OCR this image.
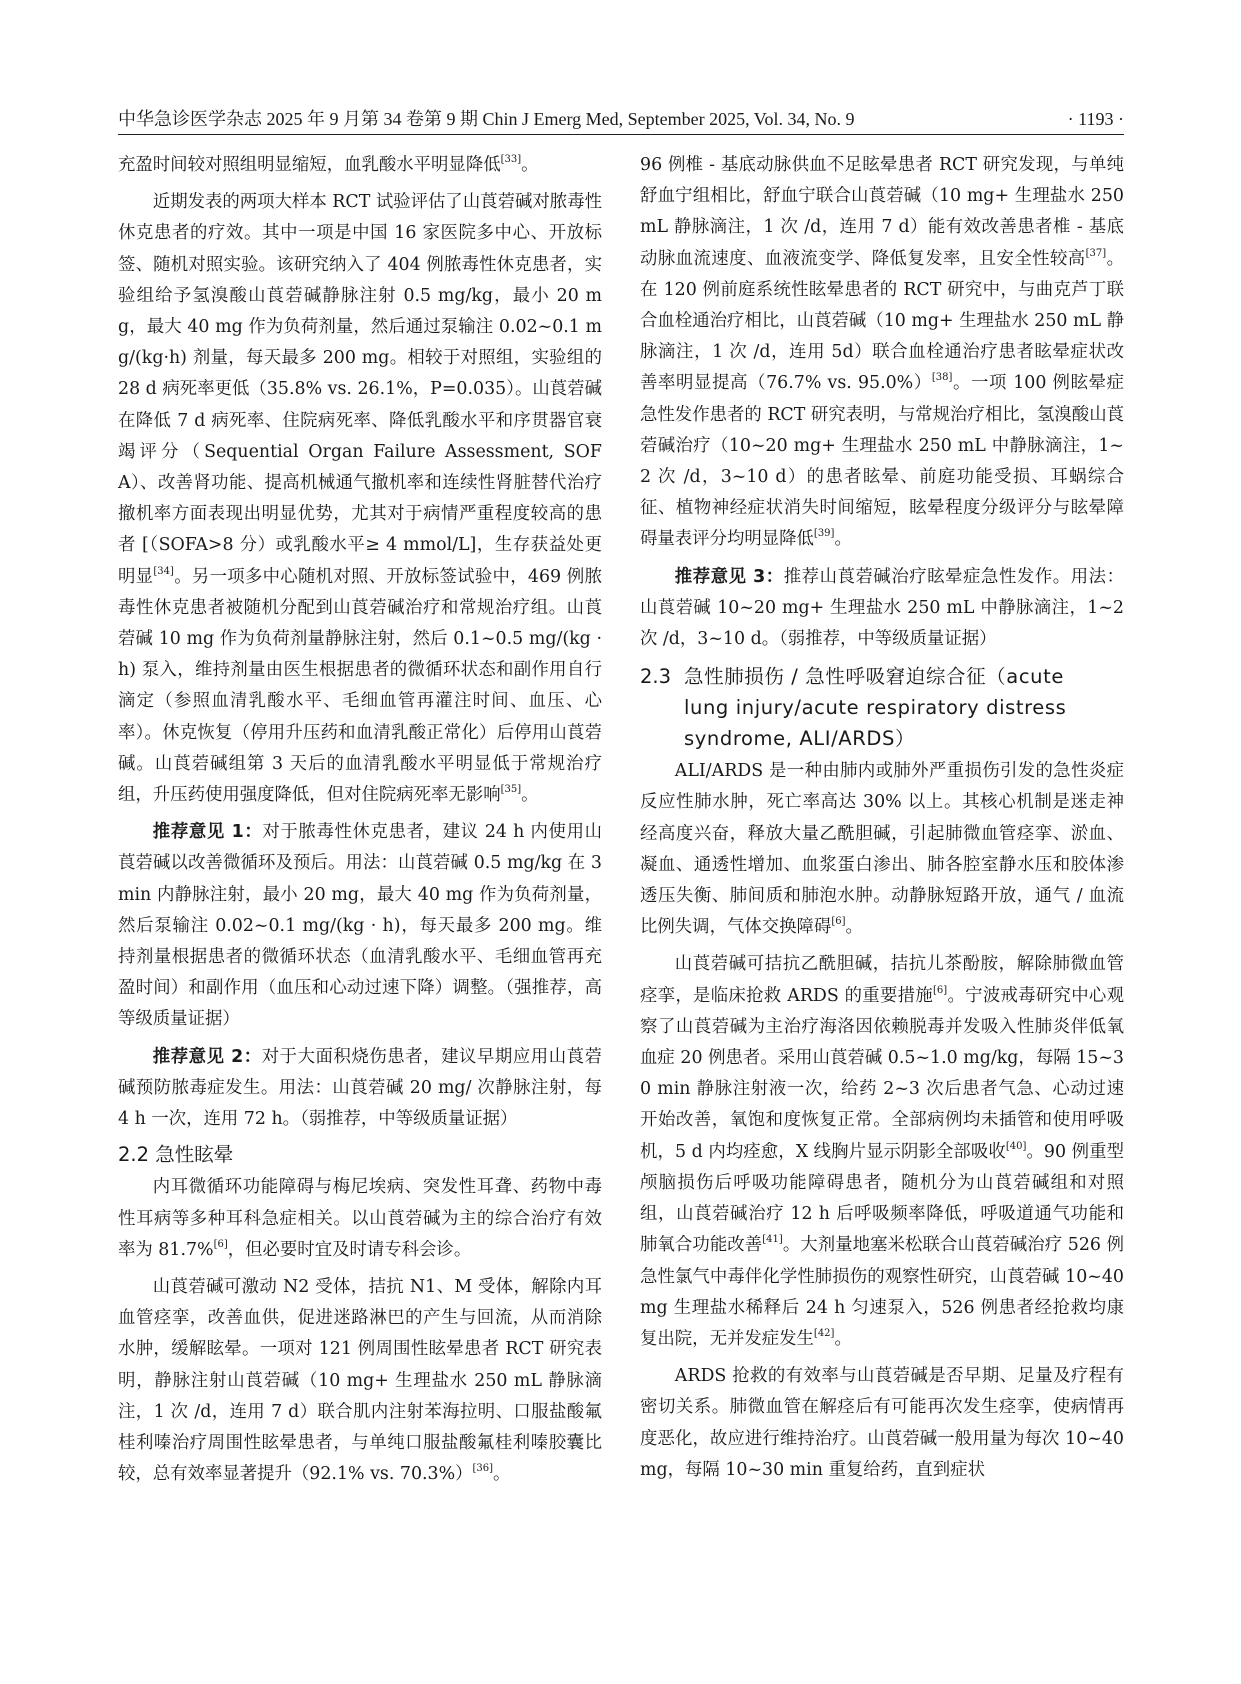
中华急诊医学杂志 2025 年 9 月第 34 卷第 9 期 Chin J Emerg Med, September 2025, Vol. 34, No. 9	· 1193 ·

充盈时间较对照组明显缩短，血乳酸水平明显降低[33]。

近期发表的两项大样本 RCT 试验评估了山莨菪碱对脓毒性休克患者的疗效。其中一项是中国 16 家医院多中心、开放标签、随机对照实验。该研究纳入了 404 例脓毒性休克患者，实验组给予氢溴酸山莨菪碱静脉注射 0.5 mg/kg，最小 20 mg，最大 40 mg 作为负荷剂量，然后通过泵输注 0.02~0.1 mg/(kg·h) 剂量，每天最多 200 mg。相较于对照组，实验组的 28 d 病死率更低（35.8% vs. 26.1%，P=0.035）。山莨菪碱在降低 7 d 病死率、住院病死率、降低乳酸水平和序贯器官衰竭评分（Sequential Organ Failure Assessment, SOFA）、改善肾功能、提高机械通气撤机率和连续性肾脏替代治疗撤机率方面表现出明显优势，尤其对于病情严重程度较高的患者 [（SOFA>8 分）或乳酸水平≥ 4 mmol/L]，生存获益处更明显[34]。另一项多中心随机对照、开放标签试验中，469 例脓毒性休克患者被随机分配到山莨菪碱治疗和常规治疗组。山莨菪碱 10 mg 作为负荷剂量静脉注射，然后 0.1~0.5 mg/(kg · h) 泵入，维持剂量由医生根据患者的微循环状态和副作用自行滴定（参照血清乳酸水平、毛细血管再灌注时间、血压、心率）。休克恢复（停用升压药和血清乳酸正常化）后停用山莨菪碱。山莨菪碱组第 3 天后的血清乳酸水平明显低于常规治疗组，升压药使用强度降低，但对住院病死率无影响[35]。

推荐意见 1：对于脓毒性休克患者，建议 24 h 内使用山莨菪碱以改善微循环及预后。用法：山莨菪碱 0.5 mg/kg 在 3 min 内静脉注射，最小 20 mg，最大 40 mg 作为负荷剂量，然后泵输注 0.02~0.1 mg/(kg · h)，每天最多 200 mg。维持剂量根据患者的微循环状态（血清乳酸水平、毛细血管再充盈时间）和副作用（血压和心动过速下降）调整。（强推荐，高等级质量证据）

推荐意见 2：对于大面积烧伤患者，建议早期应用山莨菪碱预防脓毒症发生。用法：山莨菪碱 20 mg/ 次静脉注射，每 4 h 一次，连用 72 h。（弱推荐，中等级质量证据）

2.2 急性眩晕

内耳微循环功能障碍与梅尼埃病、突发性耳聋、药物中毒性耳病等多种耳科急症相关。以山莨菪碱为主的综合治疗有效率为 81.7%[6]，但必要时宜及时请专科会诊。

山莨菪碱可激动 N2 受体，拮抗 N1、M 受体，解除内耳血管痉挛，改善血供，促进迷路淋巴的产生与回流，从而消除水肿，缓解眩晕。一项对 121 例周围性眩晕患者 RCT 研究表明，静脉注射山莨菪碱（10 mg+ 生理盐水 250 mL 静脉滴注，1 次 /d，连用 7 d）联合肌内注射苯海拉明、口服盐酸氟桂利嗪治疗周围性眩晕患者，与单纯口服盐酸氟桂利嗪胶囊比较，总有效率显著提升（92.1% vs. 70.3%）[36]。

96 例椎 - 基底动脉供血不足眩晕患者 RCT 研究发现，与单纯舒血宁组相比，舒血宁联合山莨菪碱（10 mg+ 生理盐水 250 mL 静脉滴注，1 次 /d，连用 7 d）能有效改善患者椎 - 基底动脉血流速度、血液流变学、降低复发率，且安全性较高[37]。在 120 例前庭系统性眩晕患者的 RCT 研究中，与曲克芦丁联合血栓通治疗相比，山莨菪碱（10 mg+ 生理盐水 250 mL 静脉滴注，1 次 /d，连用 5d）联合血栓通治疗患者眩晕症状改善率明显提高（76.7% vs. 95.0%）[38]。一项 100 例眩晕症急性发作患者的 RCT 研究表明，与常规治疗相比，氢溴酸山莨菪碱治疗（10~20 mg+ 生理盐水 250 mL 中静脉滴注，1~2 次 /d，3~10 d）的患者眩晕、前庭功能受损、耳蜗综合征、植物神经症状消失时间缩短，眩晕程度分级评分与眩晕障碍量表评分均明显降低[39]。

推荐意见 3：推荐山莨菪碱治疗眩晕症急性发作。用法：山莨菪碱 10~20 mg+ 生理盐水 250 mL 中静脉滴注，1~2 次 /d，3~10 d。（弱推荐，中等级质量证据）

2.3 急性肺损伤 / 急性呼吸窘迫综合征（acute
lung injury/acute respiratory distress
syndrome, ALI/ARDS）

ALI/ARDS 是一种由肺内或肺外严重损伤引发的急性炎症反应性肺水肿，死亡率高达 30% 以上。其核心机制是迷走神经高度兴奋，释放大量乙酰胆碱，引起肺微血管痉挛、淤血、凝血、通透性增加、血浆蛋白渗出、肺各腔室静水压和胶体渗透压失衡、肺间质和肺泡水肿。动静脉短路开放，通气 / 血流比例失调，气体交换障碍[6]。

山莨菪碱可拮抗乙酰胆碱，拮抗儿茶酚胺，解除肺微血管痉挛，是临床抢救 ARDS 的重要措施[6]。宁波戒毒研究中心观察了山莨菪碱为主治疗海洛因依赖脱毒并发吸入性肺炎伴低氧血症 20 例患者。采用山莨菪碱 0.5~1.0 mg/kg，每隔 15~30 min 静脉注射液一次，给药 2~3 次后患者气急、心动过速开始改善，氧饱和度恢复正常。全部病例均未插管和使用呼吸机，5 d 内均痊愈，X 线胸片显示阴影全部吸收[40]。90 例重型颅脑损伤后呼吸功能障碍患者，随机分为山莨菪碱组和对照组，山莨菪碱治疗 12 h 后呼吸频率降低，呼吸道通气功能和肺氧合功能改善[41]。大剂量地塞米松联合山莨菪碱治疗 526 例急性氯气中毒伴化学性肺损伤的观察性研究，山莨菪碱 10~40 mg 生理盐水稀释后 24 h 匀速泵入，526 例患者经抢救均康复出院，无并发症发生[42]。

ARDS 抢救的有效率与山莨菪碱是否早期、足量及疗程有密切关系。肺微血管在解痉后有可能再次发生痉挛，使病情再度恶化，故应进行维持治疗。山莨菪碱一般用量为每次 10~40 mg，每隔 10~30 min 重复给药，直到症状
